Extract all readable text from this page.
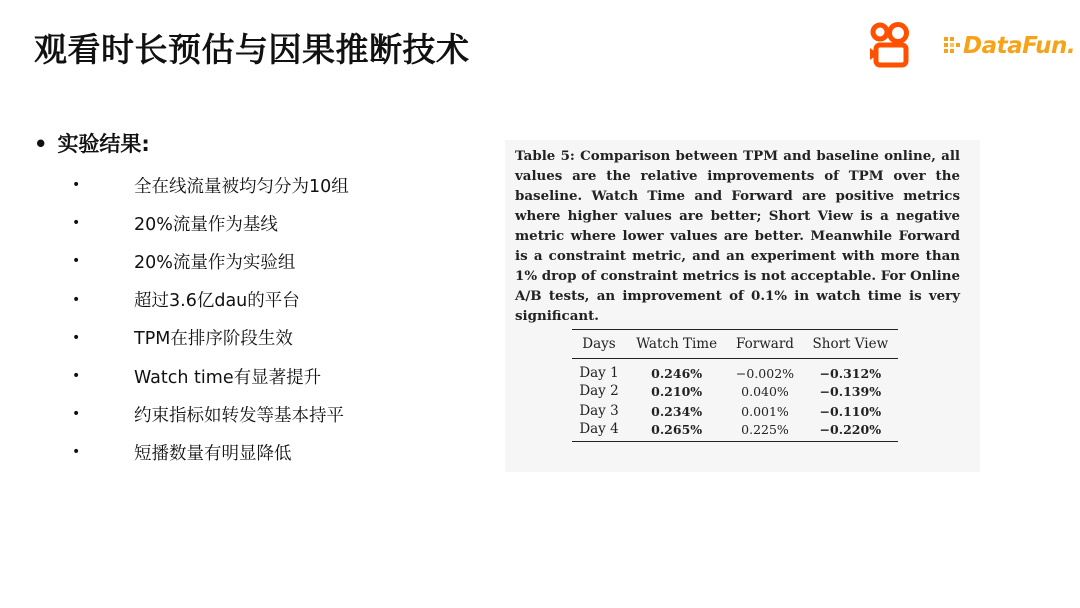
观看时长预估与因果推断技术	DataFun.
• 实验结果:
•	全在线流量被均匀分为10组
•	20%流量作为基线
•	20%流量作为实验组
•	超过3.6亿dau的平台
•	TPM在排序阶段生效
•	Watch time有显著提升
•	约束指标如转发等基本持平
•	短播数量有明显降低

Table 5: Comparison between TPM and baseline online, all values are the relative improvements of TPM over the baseline. Watch Time and Forward are positive metrics where higher values are better; Short View is a negative metric where lower values are better. Meanwhile Forward is a constraint metric, and an experiment with more than 1% drop of constraint metrics is not acceptable. For Online A/B tests, an improvement of 0.1% in watch time is very significant.

Days	Watch Time	Forward	Short View
Day 1	0.246%	−0.002%	−0.312%
Day 2	0.210%	0.040%	−0.139%
Day 3	0.234%	0.001%	−0.110%
Day 4	0.265%	0.225%	−0.220%
